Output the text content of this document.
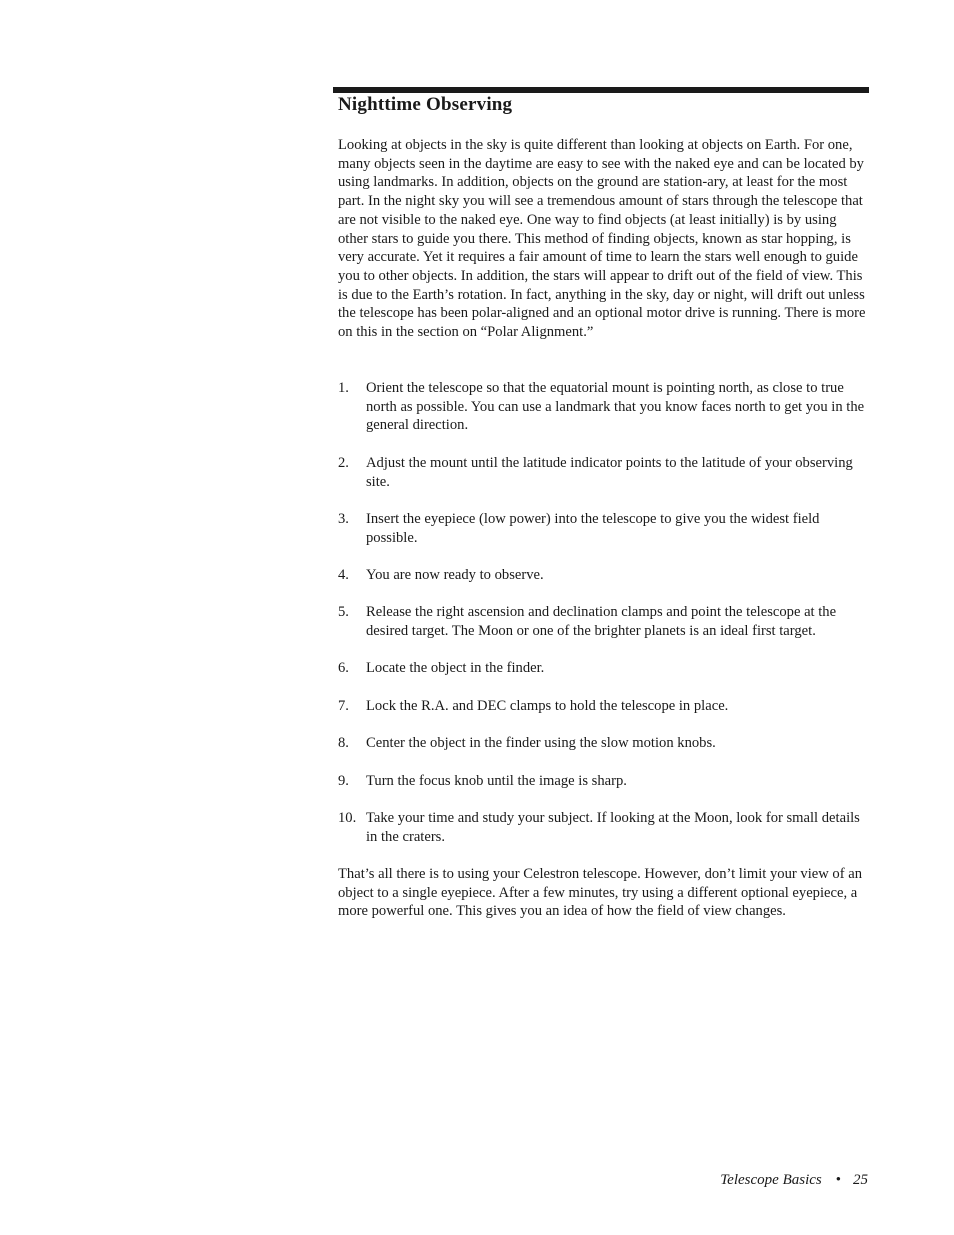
Nighttime Observing

Looking at objects in the sky is quite different than looking at objects on Earth. For one, many objects seen in the daytime are easy to see with the naked eye and can be located by using landmarks. In addition, objects on the ground are station-ary, at least for the most part. In the night sky you will see a tremendous amount of stars through the telescope that are not visible to the naked eye. One way to find objects (at least initially) is by using other stars to guide you there. This method of finding objects, known as star hopping, is very accurate. Yet it requires a fair amount of time to learn the stars well enough to guide you to other objects. In addition, the stars will appear to drift out of the field of view. This is due to the Earth’s rotation. In fact, anything in the sky, day or night, will drift out unless the telescope has been polar-aligned and an optional motor drive is running. There is more on this in the section on “Polar Alignment.”

1. Orient the telescope so that the equatorial mount is pointing north, as close to true north as possible. You can use a landmark that you know faces north to get you in the general direction.
2. Adjust the mount until the latitude indicator points to the latitude of your observing site.
3. Insert the eyepiece (low power) into the telescope to give you the widest field possible.
4. You are now ready to observe.
5. Release the right ascension and declination clamps and point the telescope at the desired target. The Moon or one of the brighter planets is an ideal first target.
6. Locate the object in the finder.
7. Lock the R.A. and DEC clamps to hold the telescope in place.
8. Center the object in the finder using the slow motion knobs.
9. Turn the focus knob until the image is sharp.
10. Take your time and study your subject. If looking at the Moon, look for small details in the craters.

That’s all there is to using your Celestron telescope. However, don’t limit your view of an object to a single eyepiece. After a few minutes, try using a different optional eyepiece, a more powerful one. This gives you an idea of how the field of view changes.

Telescope Basics • 25
